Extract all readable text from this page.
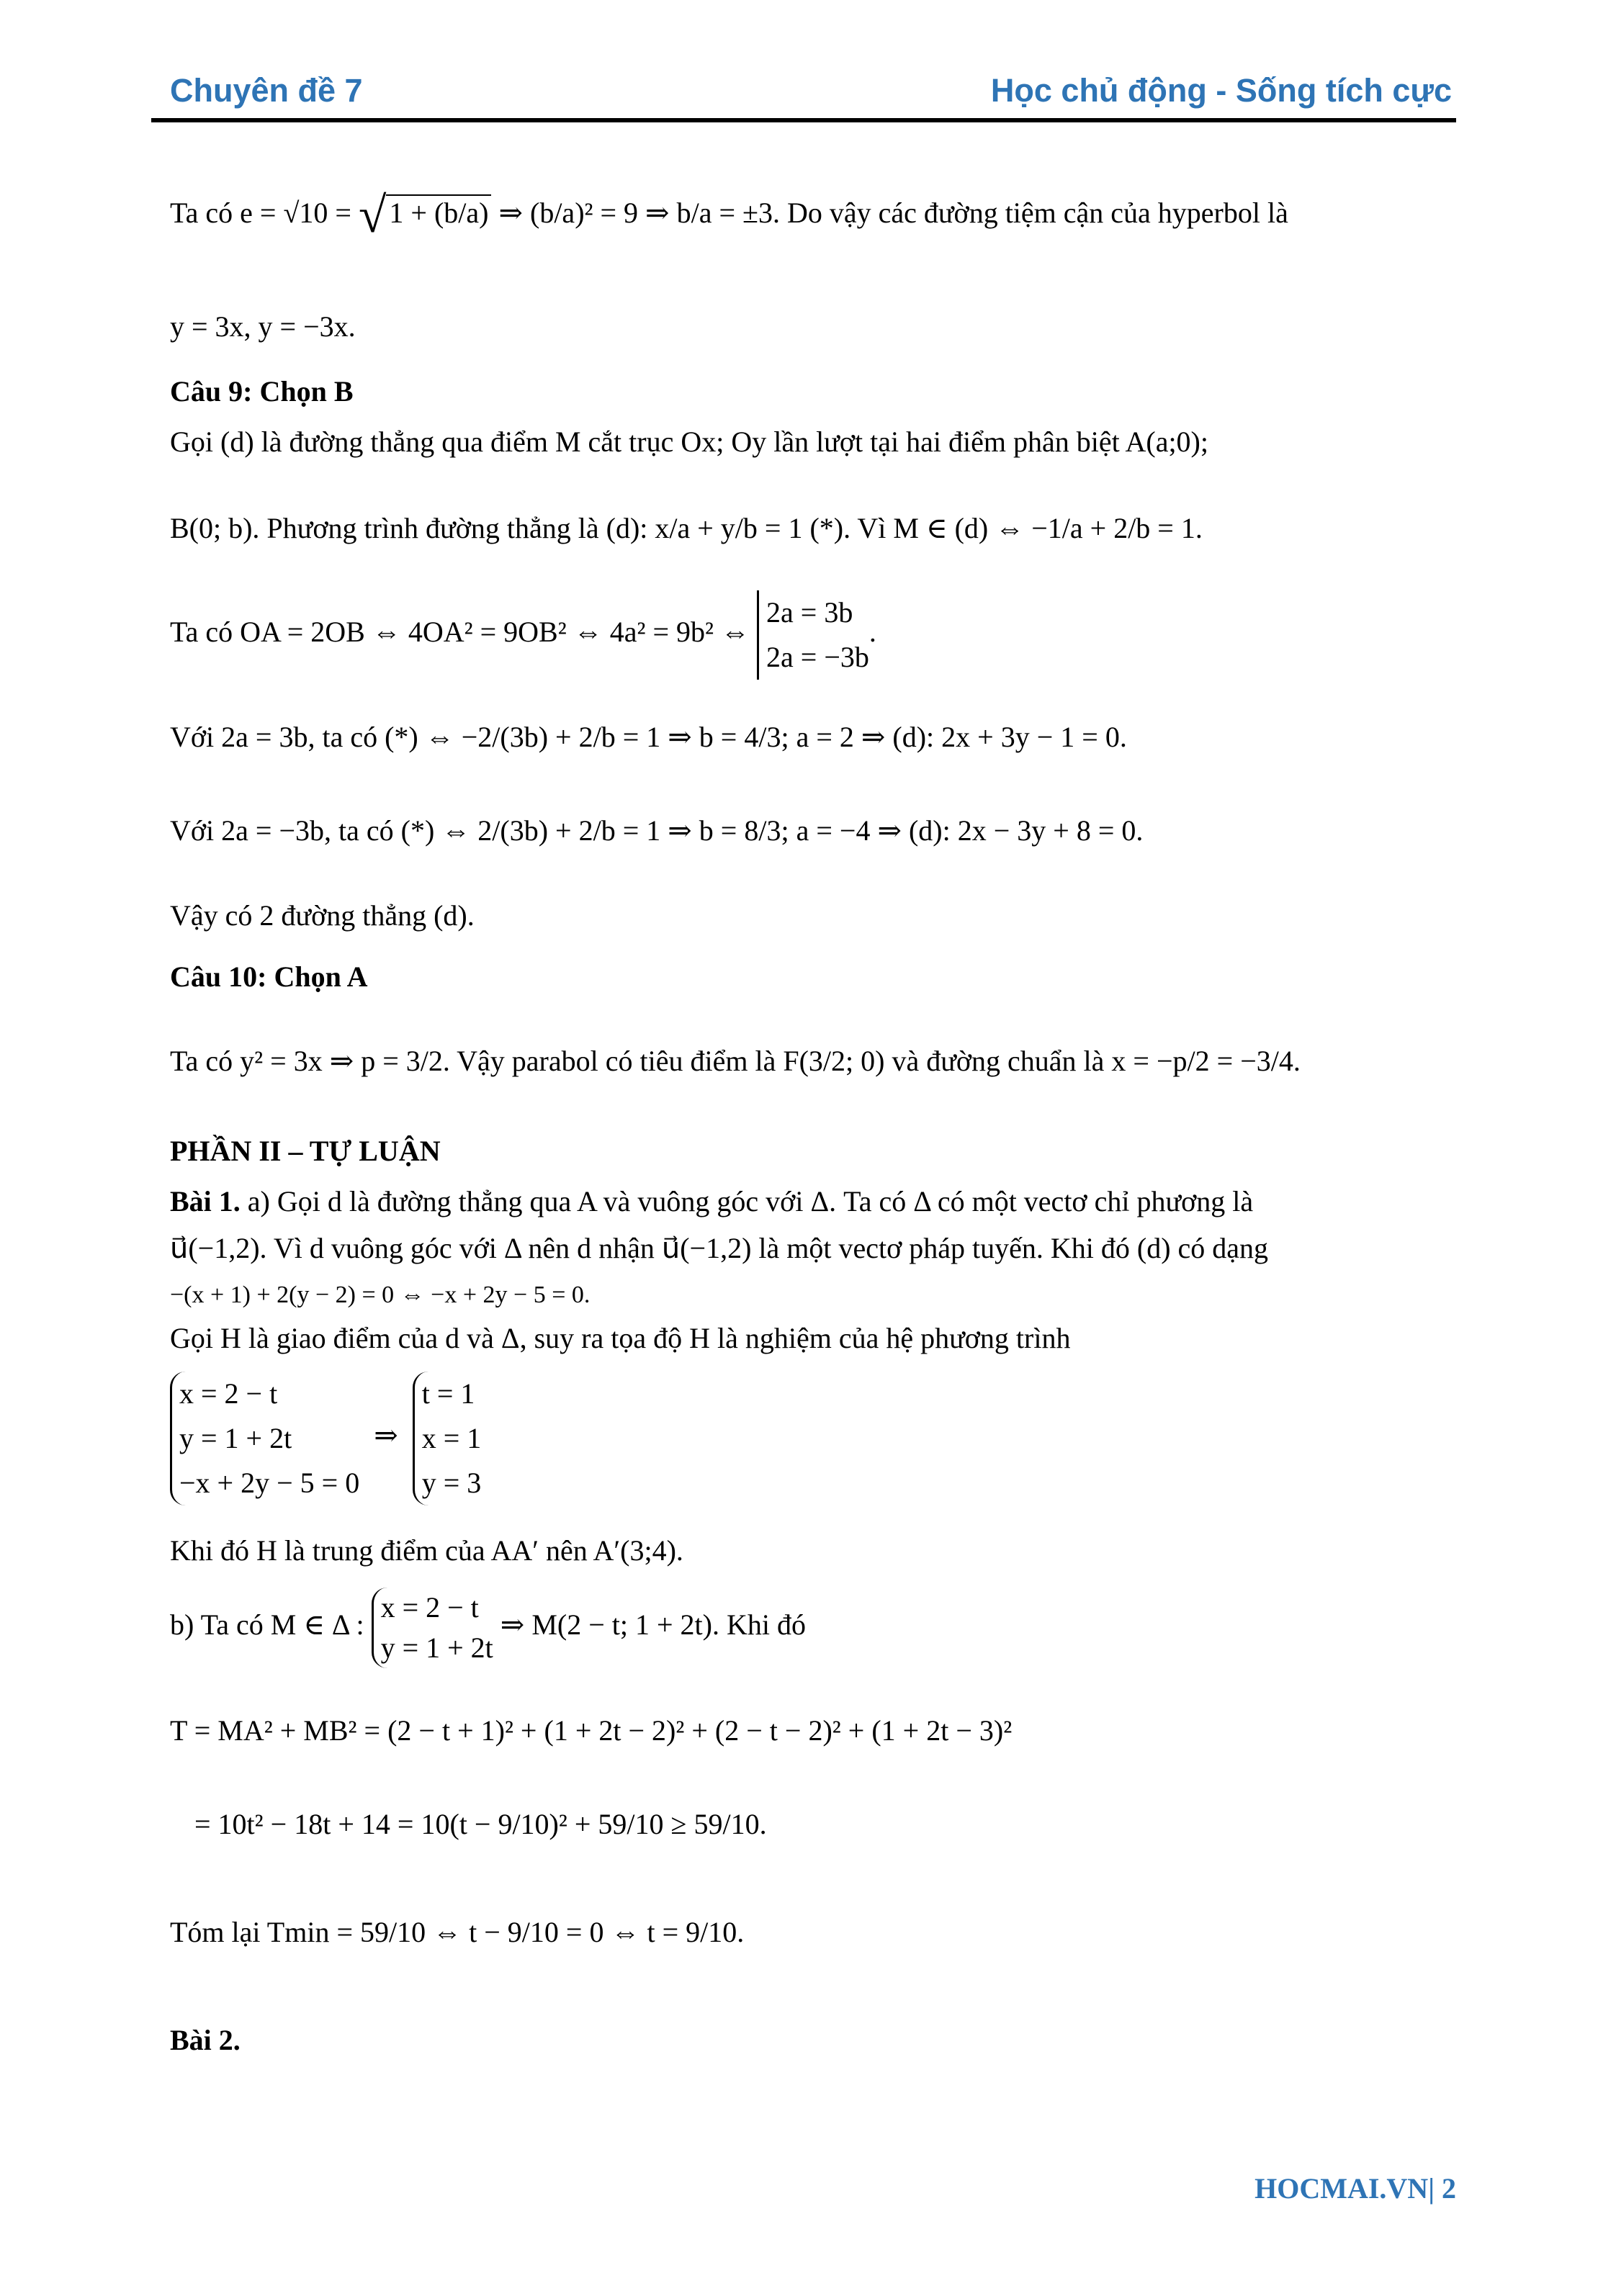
Chuyên đề 7	Học chủ động - Sống tích cực
Ta có e = √10 = √ 1 + (b/a) ⇒ (b/a)² = 9 ⇒ b/a = ±3. Do vậy các đường tiệm cận của hyperbol là
y = 3x, y = −3x.
Câu 9: Chọn B
Gọi (d) là đường thẳng qua điểm M cắt trục Ox; Oy lần lượt tại hai điểm phân biệt A(a;0);
B(0; b). Phương trình đường thẳng là (d): x/a + y/b = 1 (*). Vì M ∈ (d) ⇔ −1/a + 2/b = 1.
Ta có OA = 2OB ⇔ 4OA² = 9OB² ⇔ 4a² = 9b² ⇔
2a = 3b
2a = −3b
.
Với 2a = 3b, ta có (*) ⇔ −2/(3b) + 2/b = 1 ⇒ b = 4/3; a = 2 ⇒ (d): 2x + 3y − 1 = 0.
Với 2a = −3b, ta có (*) ⇔ 2/(3b) + 2/b = 1 ⇒ b = 8/3; a = −4 ⇒ (d): 2x − 3y + 8 = 0.
Vậy có 2 đường thẳng (d).
Câu 10: Chọn A
Ta có y² = 3x ⇒ p = 3/2. Vậy parabol có tiêu điểm là F(3/2; 0) và đường chuẩn là x = −p/2 = −3/4.
PHẦN II – TỰ LUẬN
Bài 1. a) Gọi d là đường thẳng qua A và vuông góc với Δ. Ta có Δ có một vectơ chỉ phương là
u⃗(−1,2). Vì d vuông góc với Δ nên d nhận u⃗(−1,2) là một vectơ pháp tuyến. Khi đó (d) có dạng
−(x + 1) + 2(y − 2) = 0 ⇔ −x + 2y − 5 = 0.
Gọi H là giao điểm của d và Δ, suy ra tọa độ H là nghiệm của hệ phương trình
x = 2 − t
y = 1 + 2t
−x + 2y − 5 = 0
⇒
t = 1
x = 1
y = 3
Khi đó H là trung điểm của AA′ nên A′(3;4).
b) Ta có M ∈ Δ :
x = 2 − t
y = 1 + 2t
⇒ M(2 − t; 1 + 2t). Khi đó
T = MA² + MB² = (2 − t + 1)² + (1 + 2t − 2)² + (2 − t − 2)² + (1 + 2t − 3)²
= 10t² − 18t + 14 = 10(t − 9/10)² + 59/10 ≥ 59/10.
Tóm lại Tmin = 59/10 ⇔ t − 9/10 = 0 ⇔ t = 9/10.
Bài 2.
HOCMAI.VN| 2
